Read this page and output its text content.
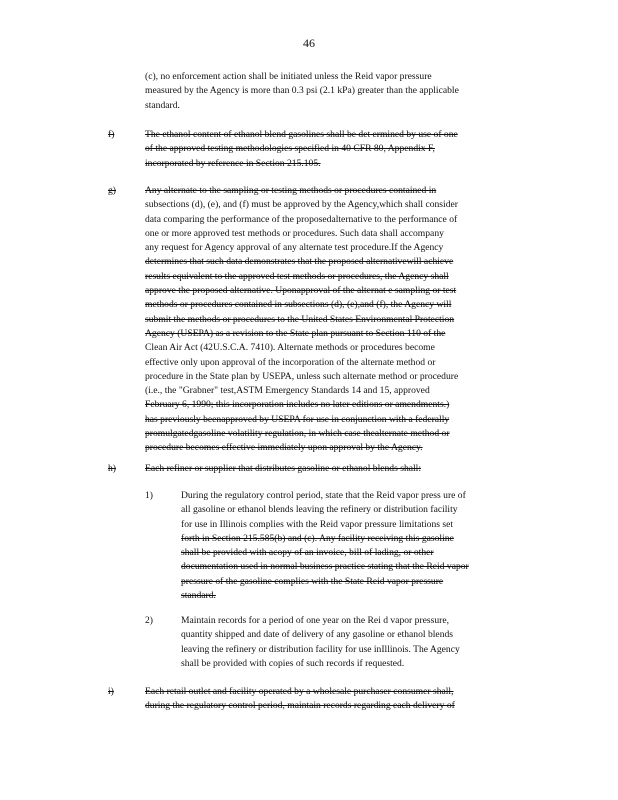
46
(c), no enforcement action shall be initiated unless the Reid vapor pressure
measured by the Agency is more than 0.3 psi (2.1 kPa) greater than the applicable
standard.
f)	The ethanol content of ethanol blend gasolines shall be det ermined by use of one
of the approved testing methodologies specified in 40 CFR 80, Appendix F,
incorporated by reference in Section 215.105.
g)	Any alternate to the sampling or testing methods or procedures contained in
subsections (d), (e), and (f) must be approved by the Agency,which shall consider
data comparing the performance of the proposedalternative to the performance of
one or more approved test methods or procedures. Such data shall accompany
any request for Agency approval of any alternate test procedure.If the Agency
determines that such data demonstrates that the proposed alternativewill achieve
results equivalent to the approved test methods or procedures, the Agency shall
approve the proposed alternative. Uponapproval of the alternat e sampling or test
methods or procedures contained in subsections (d), (e),and (f), the Agency will
submit the methods or procedures to the United States Environmental Protection
Agency (USEPA) as a revision to the State plan pursuant to Section 110 of the
Clean Air Act (42U.S.C.A. 7410). Alternate methods or procedures become
effective only upon approval of the incorporation of the alternate method or
procedure in the State plan by USEPA, unless such alternate method or procedure
(i.e., the "Grabner" test,ASTM Emergency Standards 14 and 15, approved
February 6, 1990; this incorporation includes no later editions or amendments.)
has previously beenapproved by USEPA for use in conjunction with a federally
promulgatedgasoline volatility regulation, in which case thealternate method or
procedure becomes effective immediately upon approval by the Agency.
h)	Each refiner or supplier that distributes gasoline or ethanol blends shall:
1)	During the regulatory control period, state that the Reid vapor press ure of
all gasoline or ethanol blends leaving the refinery or distribution facility
for use in Illinois complies with the Reid vapor pressure limitations set
forth in Section 215.585(b) and (c). Any facility receiving this gasoline
shall be provided with acopy of an invoice, bill of lading, or other
documentation used in normal business practice stating that the Reid vapor
pressure of the gasoline complies with the State Reid vapor pressure
standard.
2)	Maintain records for a period of one year on the Rei d vapor pressure,
quantity shipped and date of delivery of any gasoline or ethanol blends
leaving the refinery or distribution facility for use inIllinois. The Agency
shall be provided with copies of such records if requested.
i)	Each retail outlet and facility operated by a wholesale purchaser consumer shall,
during the regulatory control period, maintain records regarding each delivery of
